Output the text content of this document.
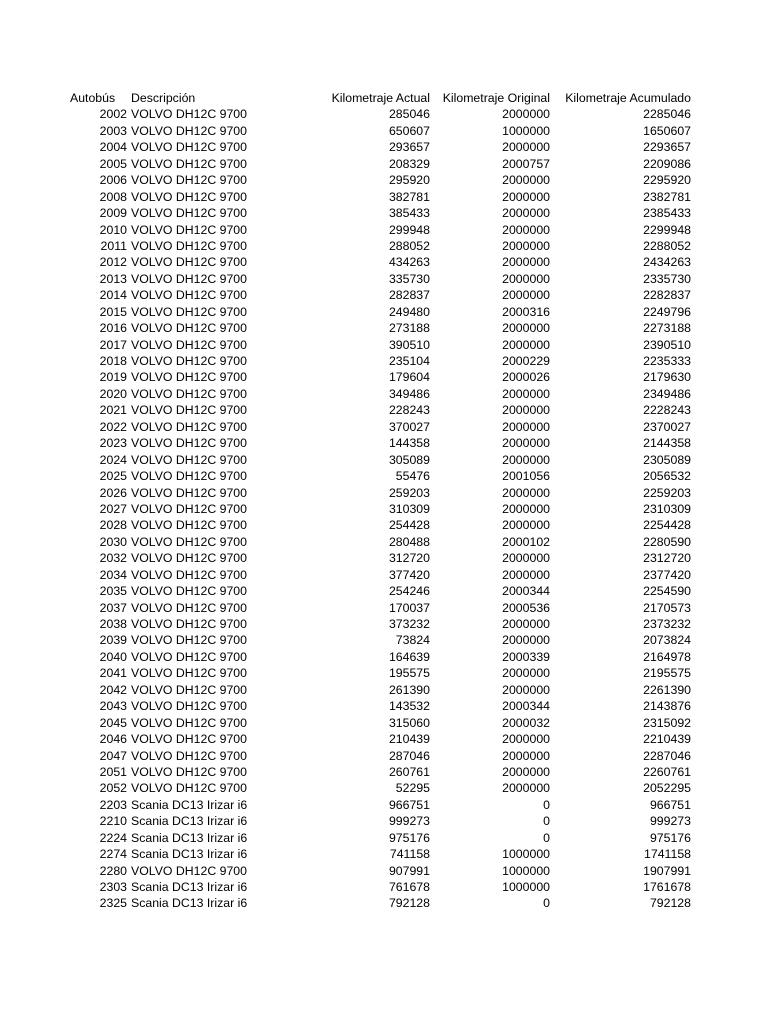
Autobús Descripción	Kilometraje Actual	Kilometraje Original	Kilometraje Acumulado
2002 VOLVO DH12C 9700	285046	2000000	2285046
2003 VOLVO DH12C 9700	650607	1000000	1650607
2004 VOLVO DH12C 9700	293657	2000000	2293657
2005 VOLVO DH12C 9700	208329	2000757	2209086
2006 VOLVO DH12C 9700	295920	2000000	2295920
2008 VOLVO DH12C 9700	382781	2000000	2382781
2009 VOLVO DH12C 9700	385433	2000000	2385433
2010 VOLVO DH12C 9700	299948	2000000	2299948
2011 VOLVO DH12C 9700	288052	2000000	2288052
2012 VOLVO DH12C 9700	434263	2000000	2434263
2013 VOLVO DH12C 9700	335730	2000000	2335730
2014 VOLVO DH12C 9700	282837	2000000	2282837
2015 VOLVO DH12C 9700	249480	2000316	2249796
2016 VOLVO DH12C 9700	273188	2000000	2273188
2017 VOLVO DH12C 9700	390510	2000000	2390510
2018 VOLVO DH12C 9700	235104	2000229	2235333
2019 VOLVO DH12C 9700	179604	2000026	2179630
2020 VOLVO DH12C 9700	349486	2000000	2349486
2021 VOLVO DH12C 9700	228243	2000000	2228243
2022 VOLVO DH12C 9700	370027	2000000	2370027
2023 VOLVO DH12C 9700	144358	2000000	2144358
2024 VOLVO DH12C 9700	305089	2000000	2305089
2025 VOLVO DH12C 9700	55476	2001056	2056532
2026 VOLVO DH12C 9700	259203	2000000	2259203
2027 VOLVO DH12C 9700	310309	2000000	2310309
2028 VOLVO DH12C 9700	254428	2000000	2254428
2030 VOLVO DH12C 9700	280488	2000102	2280590
2032 VOLVO DH12C 9700	312720	2000000	2312720
2034 VOLVO DH12C 9700	377420	2000000	2377420
2035 VOLVO DH12C 9700	254246	2000344	2254590
2037 VOLVO DH12C 9700	170037	2000536	2170573
2038 VOLVO DH12C 9700	373232	2000000	2373232
2039 VOLVO DH12C 9700	73824	2000000	2073824
2040 VOLVO DH12C 9700	164639	2000339	2164978
2041 VOLVO DH12C 9700	195575	2000000	2195575
2042 VOLVO DH12C 9700	261390	2000000	2261390
2043 VOLVO DH12C 9700	143532	2000344	2143876
2045 VOLVO DH12C 9700	315060	2000032	2315092
2046 VOLVO DH12C 9700	210439	2000000	2210439
2047 VOLVO DH12C 9700	287046	2000000	2287046
2051 VOLVO DH12C 9700	260761	2000000	2260761
2052 VOLVO DH12C 9700	52295	2000000	2052295
2203 Scania DC13 Irizar i6	966751	0	966751
2210 Scania DC13 Irizar i6	999273	0	999273
2224 Scania DC13 Irizar i6	975176	0	975176
2274 Scania DC13 Irizar i6	741158	1000000	1741158
2280 VOLVO DH12C 9700	907991	1000000	1907991
2303 Scania DC13 Irizar i6	761678	1000000	1761678
2325 Scania DC13 Irizar i6	792128	0	792128
